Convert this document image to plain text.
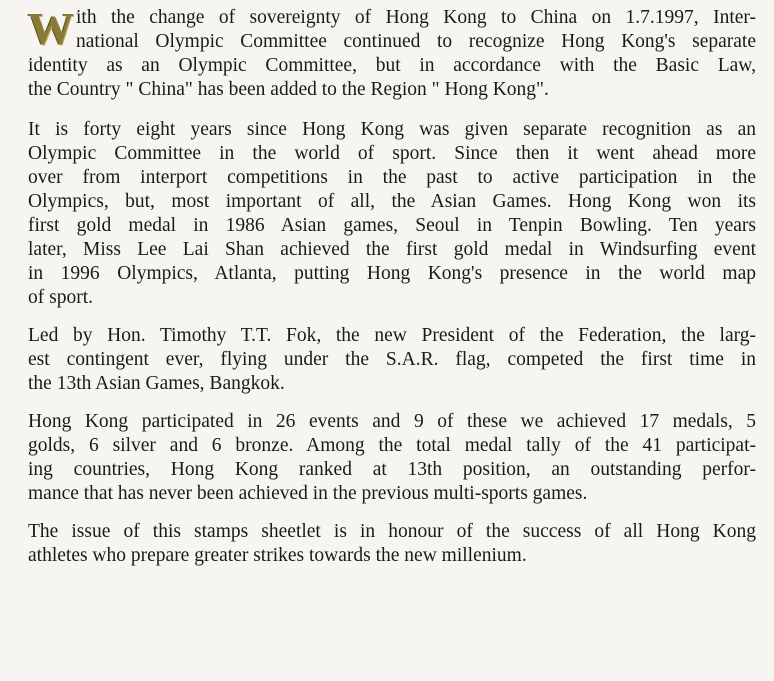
W ith the change of sovereignty of Hong Kong to China on 1.7.1997, Inter-
national Olympic Committee continued to recognize Hong Kong's separate
identity as an Olympic Committee, but in accordance with the Basic Law,
the Country " China" has been added to the Region " Hong Kong".

It is forty eight years since Hong Kong was given separate recognition as an
Olympic Committee in the world of sport. Since then it went ahead more
over from interport competitions in the past to active participation in the
Olympics, but, most important of all, the Asian Games. Hong Kong won its
first gold medal in 1986 Asian games, Seoul in Tenpin Bowling. Ten years
later, Miss Lee Lai Shan achieved the first gold medal in Windsurfing event
in 1996 Olympics, Atlanta, putting Hong Kong's presence in the world map
of sport.

Led by Hon. Timothy T.T. Fok, the new President of the Federation, the larg-
est contingent ever, flying under the S.A.R. flag, competed the first time in
the 13th Asian Games, Bangkok.

Hong Kong participated in 26 events and 9 of these we achieved 17 medals, 5
golds, 6 silver and 6 bronze. Among the total medal tally of the 41 participat-
ing countries, Hong Kong ranked at 13th position, an outstanding perfor-
mance that has never been achieved in the previous multi-sports games.

The issue of this stamps sheetlet is in honour of the success of all Hong Kong
athletes who prepare greater strikes towards the new millenium.
